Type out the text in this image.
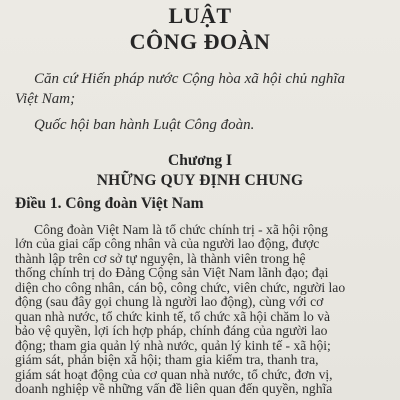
LUẬT
CÔNG ĐOÀN
Căn cứ Hiến pháp nước Cộng hòa xã hội chủ nghĩa
Việt Nam;
Quốc hội ban hành Luật Công đoàn.
Chương I
NHỮNG QUY ĐỊNH CHUNG
Điều 1. Công đoàn Việt Nam
Công đoàn Việt Nam là tổ chức chính trị - xã hội rộng
lớn của giai cấp công nhân và của người lao động, được
thành lập trên cơ sở tự nguyện, là thành viên trong hệ
thống chính trị do Đảng Cộng sản Việt Nam lãnh đạo; đại
diện cho công nhân, cán bộ, công chức, viên chức, người lao
động (sau đây gọi chung là người lao động), cùng với cơ
quan nhà nước, tổ chức kinh tế, tổ chức xã hội chăm lo và
bảo vệ quyền, lợi ích hợp pháp, chính đáng của người lao
động; tham gia quản lý nhà nước, quản lý kinh tế - xã hội;
giám sát, phản biện xã hội; tham gia kiểm tra, thanh tra,
giám sát hoạt động của cơ quan nhà nước, tổ chức, đơn vị,
doanh nghiệp về những vấn đề liên quan đến quyền, nghĩa
